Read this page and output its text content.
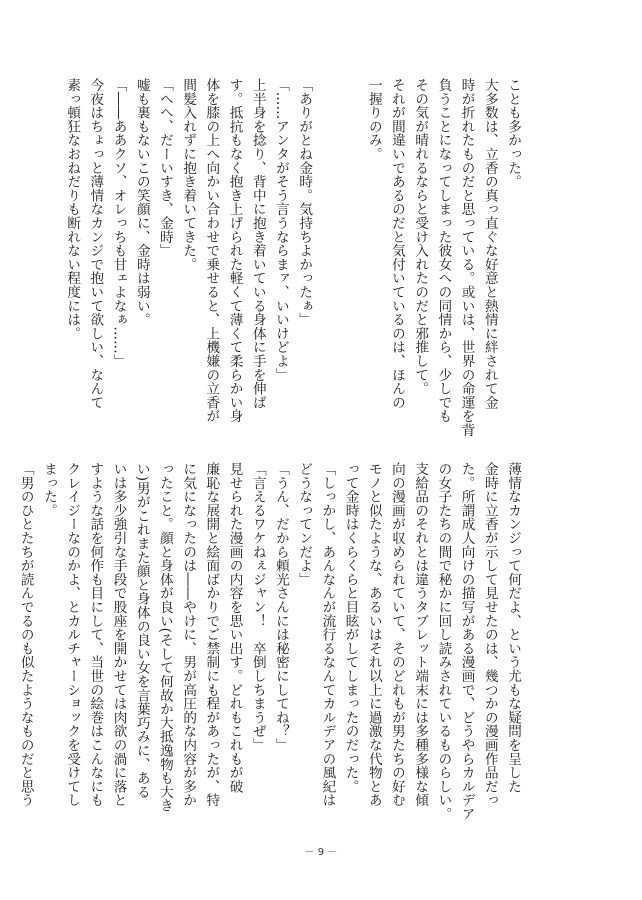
ことも多かった。
大多数は、立香の真っ直ぐな好意と熱情に絆されて金
時が折れたものだと思っている。或いは、世界の命運を背
負うことになってしまった彼女への同情から、少しでも
その気が晴れるならと受け入れたのだと邪推して。
それが間違いであるのだと気付いているのは、ほんの
一握りのみ。

「ありがとね金時。気持ちよかったぁ」
「……アンタがそう言うならまァ、いいけどよ」
上半身を捻り、背中に抱き着いている身体に手を伸ば
す。抵抗もなく抱き上げられた軽くて薄くて柔らかい身
体を膝の上へ向かい合わせで乗せると、上機嫌の立香が
間髪入れずに抱き着いてきた。
「へへ、だーいすき、金時」
嘘も裏もないこの笑顔に、金時は弱い。
「――ああクソ、オレっちも甘ェよなぁ……」
今夜はちょっと薄情なカンジで抱いて欲しい、なんて
素っ頓狂なおねだりも断れない程度には。
薄情なカンジって何だよ、という尤もな疑問を呈した
金時に立香が示して見せたのは、幾つかの漫画作品だっ
た。所謂成人向けの描写がある漫画で、どうやらカルデア
の女子たちの間で秘かに回し読みされているものらしい。
支給品のそれとは違うタブレット端末には多種多様な傾
向の漫画が収められていて、そのどれもが男たちの好む
モノと似たような、あるいはそれ以上に過激な代物とあ
って金時はくらくらと目眩がしてしまったのだった。
「しっかし、あんなんが流行るなんてカルデアの風紀は
どうなってンだよ」
「うん、だから頼光さんには秘密にしてね？」
「言えるワケねぇジャン！　卒倒しちまうぜ」
見せられた漫画の内容を思い出す。どれもこれもが破
廉恥な展開と絵面ばかりでご禁制にも程があったが、特
に気になったのは――やけに、男が高圧的な内容が多か
ったこと。顔と身体が良い(そして何故か大抵逸物も大き
い)男がこれまた顔と身体の良い女を言葉巧みに、ある
いは多少強引な手段で股座を開かせては肉欲の渦に落と
すような話を何作も目にして、当世の絵巻はこんなにも
クレイジーなのかよ、とカルチャーショックを受けてし
まった。
「男のひとたちが読んでるのも似たようなものだと思う
－ 9 －
